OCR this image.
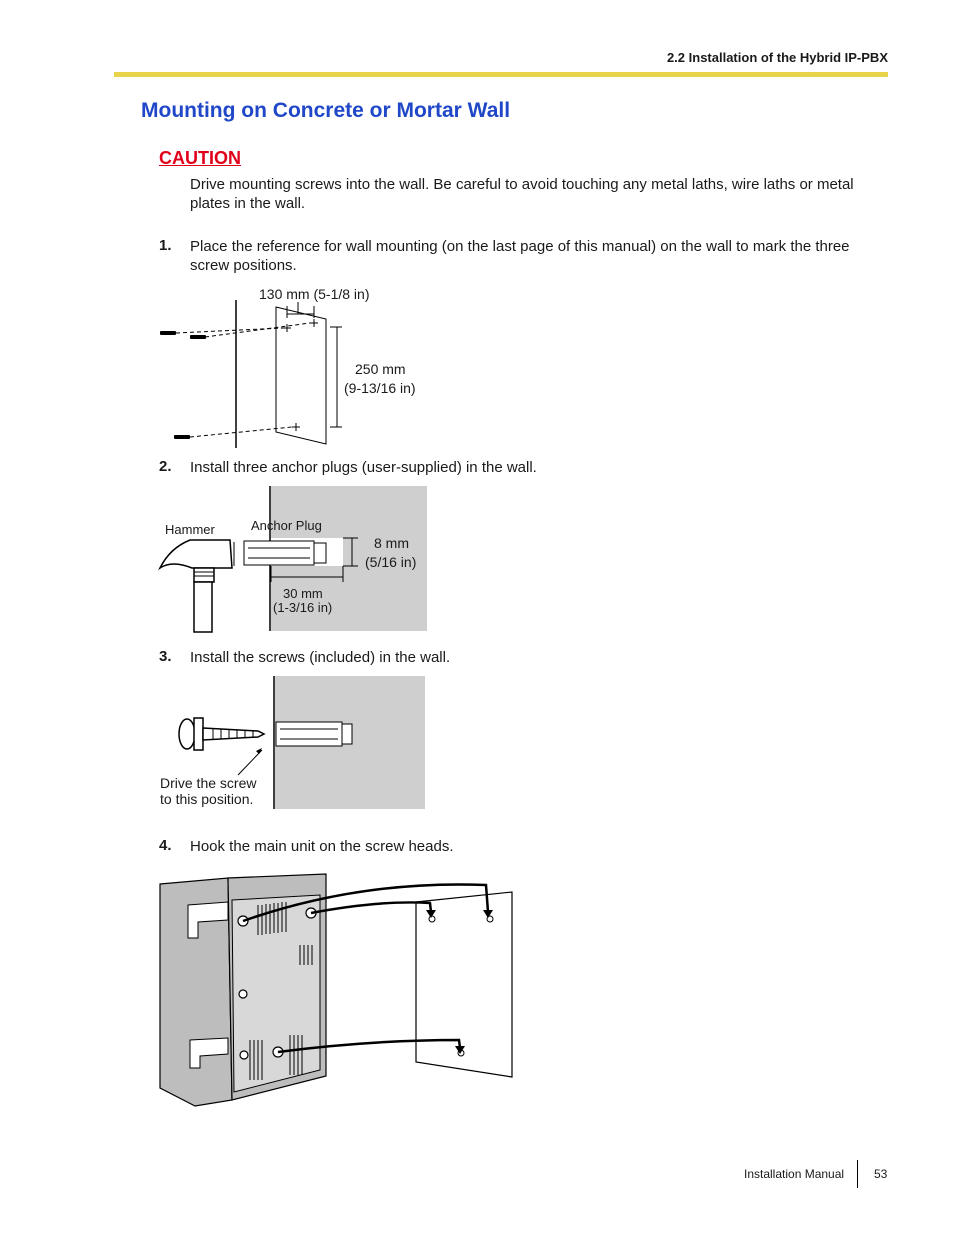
2.2 Installation of the Hybrid IP-PBX
Mounting on Concrete or Mortar Wall
CAUTION
Drive mounting screws into the wall. Be careful to avoid touching any metal laths, wire laths or metal plates in the wall.
1. Place the reference for wall mounting (on the last page of this manual) on the wall to mark the three screw positions.
130 mm (5-1/8 in)
250 mm
(9-13/16 in)
2. Install three anchor plugs (user-supplied) in the wall.
Hammer	Anchor Plug
8 mm
(5/16 in)
30 mm
(1-3/16 in)
3. Install the screws (included) in the wall.
Drive the screw
to this position.
4. Hook the main unit on the screw heads.
Installation Manual 53
